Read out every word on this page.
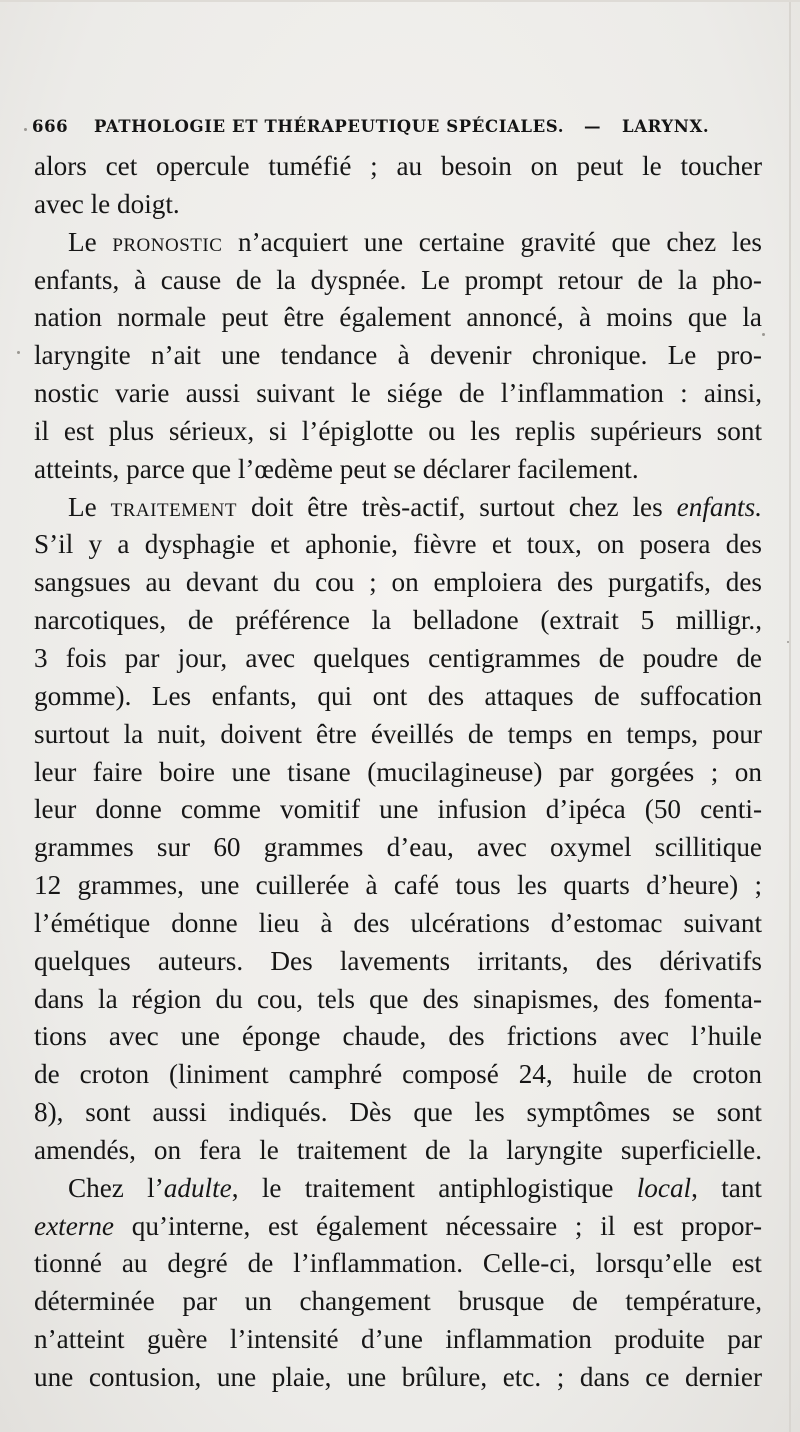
666 PATHOLOGIE ET THÉRAPEUTIQUE SPÉCIALES. — LARYNX.
alors cet opercule tuméfié ; au besoin on peut le toucher
avec le doigt.
Le pronostic n’acquiert une certaine gravité que chez les
enfants, à cause de la dyspnée. Le prompt retour de la pho-
nation normale peut être également annoncé, à moins que la
laryngite n’ait une tendance à devenir chronique. Le pro-
nostic varie aussi suivant le siége de l’inflammation : ainsi,
il est plus sérieux, si l’épiglotte ou les replis supérieurs sont
atteints, parce que l’œdème peut se déclarer facilement.
Le traitement doit être très-actif, surtout chez les enfants.
S’il y a dysphagie et aphonie, fièvre et toux, on posera des
sangsues au devant du cou ; on emploiera des purgatifs, des
narcotiques, de préférence la belladone (extrait 5 milligr.,
3 fois par jour, avec quelques centigrammes de poudre de
gomme). Les enfants, qui ont des attaques de suffocation
surtout la nuit, doivent être éveillés de temps en temps, pour
leur faire boire une tisane (mucilagineuse) par gorgées ; on
leur donne comme vomitif une infusion d’ipéca (50 centi-
grammes sur 60 grammes d’eau, avec oxymel scillitique
12 grammes, une cuillerée à café tous les quarts d’heure) ;
l’émétique donne lieu à des ulcérations d’estomac suivant
quelques auteurs. Des lavements irritants, des dérivatifs
dans la région du cou, tels que des sinapismes, des fomenta-
tions avec une éponge chaude, des frictions avec l’huile
de croton (liniment camphré composé 24, huile de croton
8), sont aussi indiqués. Dès que les symptômes se sont
amendés, on fera le traitement de la laryngite superficielle.
Chez l’adulte, le traitement antiphlogistique local, tant
externe qu’interne, est également nécessaire ; il est propor-
tionné au degré de l’inflammation. Celle-ci, lorsqu’elle est
déterminée par un changement brusque de température,
n’atteint guère l’intensité d’une inflammation produite par
une contusion, une plaie, une brûlure, etc. ; dans ce dernier
